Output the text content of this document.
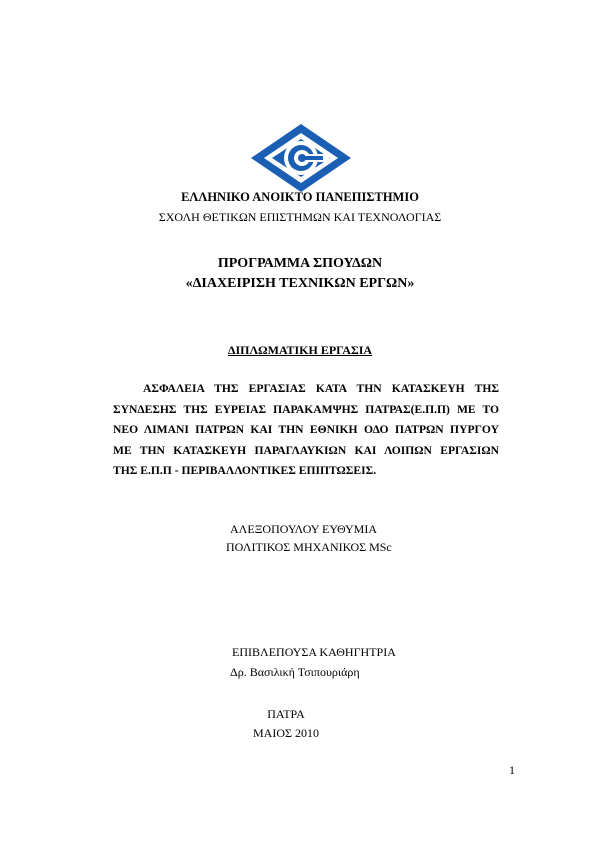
ΕΛΛΗΝΙΚΟ ΑΝΟΙΚΤΟ ΠΑΝΕΠΙΣΤΗΜΙΟ
ΣΧΟΛΗ ΘΕΤΙΚΩΝ ΕΠΙΣΤΗΜΩΝ ΚΑΙ ΤΕΧΝΟΛΟΓΙΑΣ
ΠΡΟΓΡΑΜΜΑ ΣΠΟΥΔΩΝ
«ΔΙΑΧΕΙΡΙΣΗ ΤΕΧΝΙΚΩΝ ΕΡΓΩΝ»
ΔΙΠΛΩΜΑΤΙΚΗ ΕΡΓΑΣΙΑ
ΑΣΦΑΛΕΙΑ ΤΗΣ ΕΡΓΑΣΙΑΣ ΚΑΤΑ ΤΗΝ ΚΑΤΑΣΚΕΥΗ ΤΗΣ
ΣΥΝΔΕΣΗΣ ΤΗΣ ΕΥΡΕΙΑΣ ΠΑΡΑΚΑΜΨΗΣ ΠΑΤΡΑΣ(Ε.Π.Π) ΜΕ ΤΟ
ΝΕΟ ΛΙΜΑΝΙ ΠΑΤΡΩΝ ΚΑΙ ΤΗΝ ΕΘΝΙΚΗ ΟΔΟ ΠΑΤΡΩΝ ΠΥΡΓΟΥ
ΜΕ ΤΗΝ ΚΑΤΑΣΚΕΥΗ ΠΑΡΑΓΛΑΥΚΙΩΝ ΚΑΙ ΛΟΙΠΩΝ ΕΡΓΑΣΙΩΝ
ΤΗΣ Ε.Π.Π - ΠΕΡΙΒΑΛΛΟΝΤΙΚΕΣ ΕΠΙΠΤΩΣΕΙΣ.
ΑΛΕΞΟΠΟΥΛΟΥ ΕΥΘΥΜΙΑ
ΠΟΛΙΤΙΚΟΣ ΜΗΧΑΝΙΚΟΣ MSc
ΕΠΙΒΛΕΠΟΥΣΑ ΚΑΘΗΓΗΤΡΙΑ
Δρ. Βασιλική Τσιπουριάρη
ΠΑΤΡΑ
ΜΑΙΟΣ 2010
1
